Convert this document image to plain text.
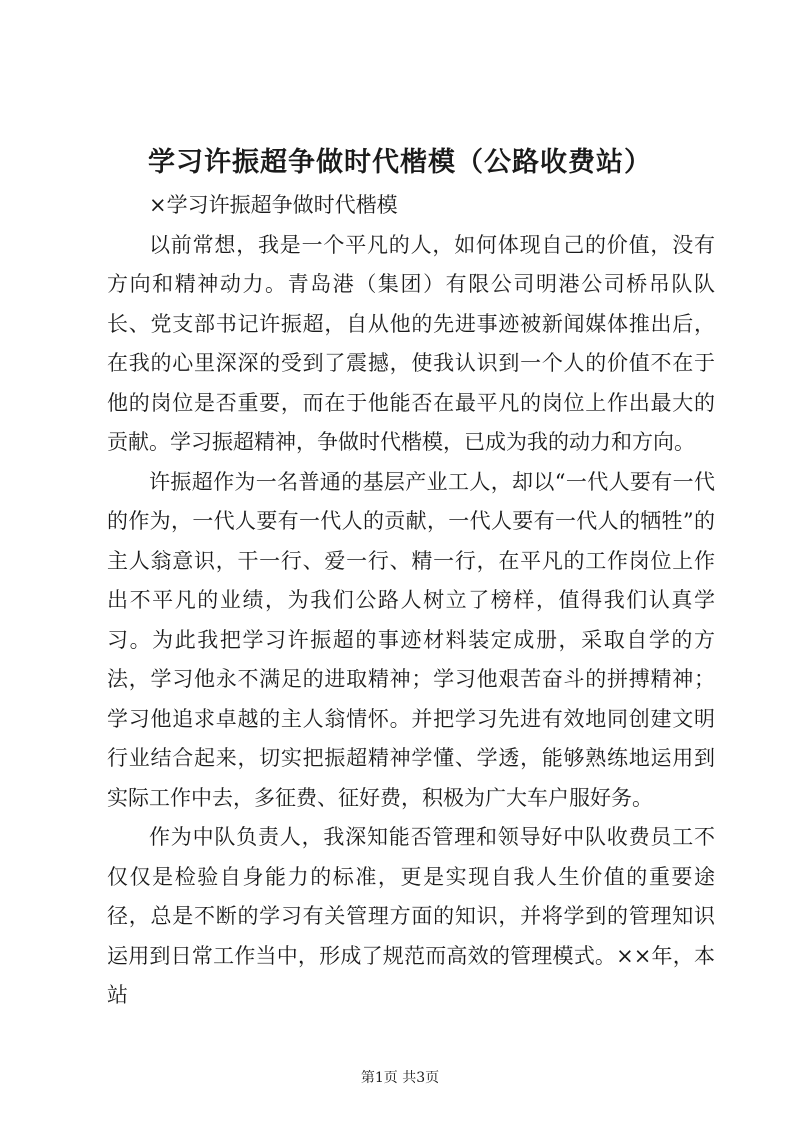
学习许振超争做时代楷模（公路收费站）

×学习许振超争做时代楷模

以前常想，我是一个平凡的人，如何体现自己的价值，没有方向和精神动力。青岛港（集团）有限公司明港公司桥吊队队长、党支部书记许振超，自从他的先进事迹被新闻媒体推出后，在我的心里深深的受到了震撼，使我认识到一个人的价值不在于他的岗位是否重要，而在于他能否在最平凡的岗位上作出最大的贡献。学习振超精神，争做时代楷模，已成为我的动力和方向。

许振超作为一名普通的基层产业工人，却以“一代人要有一代的作为，一代人要有一代人的贡献，一代人要有一代人的牺牲”的主人翁意识，干一行、爱一行、精一行，在平凡的工作岗位上作出不平凡的业绩，为我们公路人树立了榜样，值得我们认真学习。为此我把学习许振超的事迹材料装定成册，采取自学的方法，学习他永不满足的进取精神；学习他艰苦奋斗的拼搏精神；学习他追求卓越的主人翁情怀。并把学习先进有效地同创建文明行业结合起来，切实把振超精神学懂、学透，能够熟练地运用到实际工作中去，多征费、征好费，积极为广大车户服好务。

作为中队负责人，我深知能否管理和领导好中队收费员工不仅仅是检验自身能力的标准，更是实现自我人生价值的重要途径，总是不断的学习有关管理方面的知识，并将学到的管理知识运用到日常工作当中，形成了规范而高效的管理模式。××年，本站

第1页 共3页
